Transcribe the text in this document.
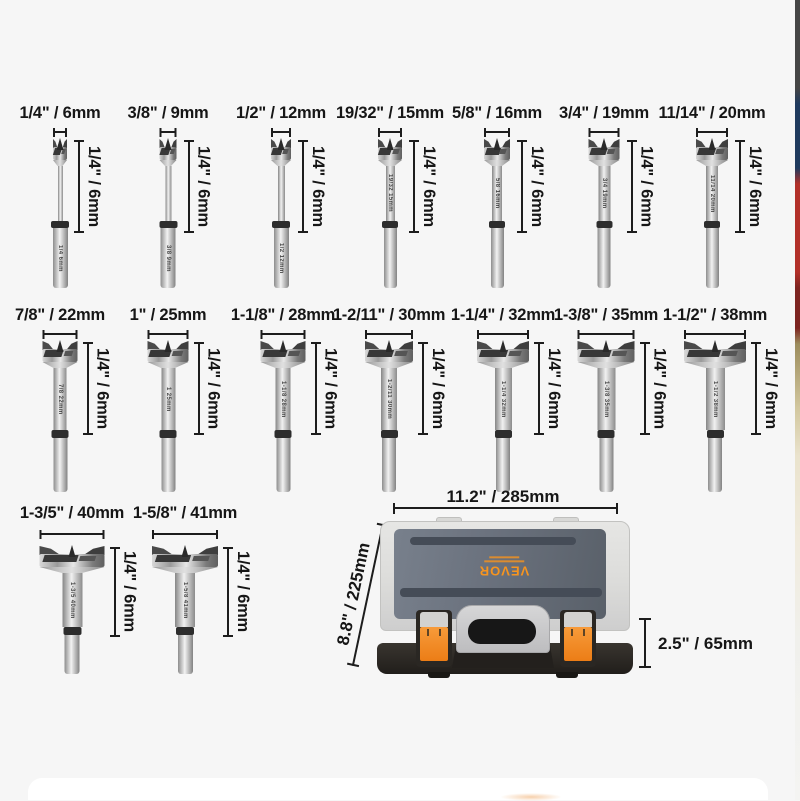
1/4" / 6mm
1/4 6mm
1/4" / 6mm
3/8" / 9mm
3/8 9mm
1/4" / 6mm
1/2" / 12mm
1/2 12mm
1/4" / 6mm
19/32" / 15mm
19/32 15mm 1/4" / 6mm
5/8" / 16mm
5/8 16mm 1/4" / 6mm
3/4" / 19mm
3/4 19mm 1/4" / 6mm
11/14" / 20mm
11/14 20mm 1/4" / 6mm
7/8" / 22mm
7/8 22mm 1/4" / 6mm
1" / 25mm
1 25mm 1/4" / 6mm
1-1/8" / 28mm
1-1/8 28mm 1/4" / 6mm
1-2/11" / 30mm
1-2/11 30mm 1/4" / 6mm
1-1/4" / 32mm
1-1/4 32mm 1/4" / 6mm
1-3/8" / 35mm
1-3/8 35mm	1/4" / 6mm
1-1/2" / 38mm
1-1/2 38mm	1/4" / 6mm
1-3/5" / 40mm
1-3/5 40mm	1/4" / 6mm
1-5/8" / 41mm
1-5/8 41mm	1/4" / 6mm
11.2" / 285mm
8.8" / 225mm	2.5" / 65mm
VEVOR
